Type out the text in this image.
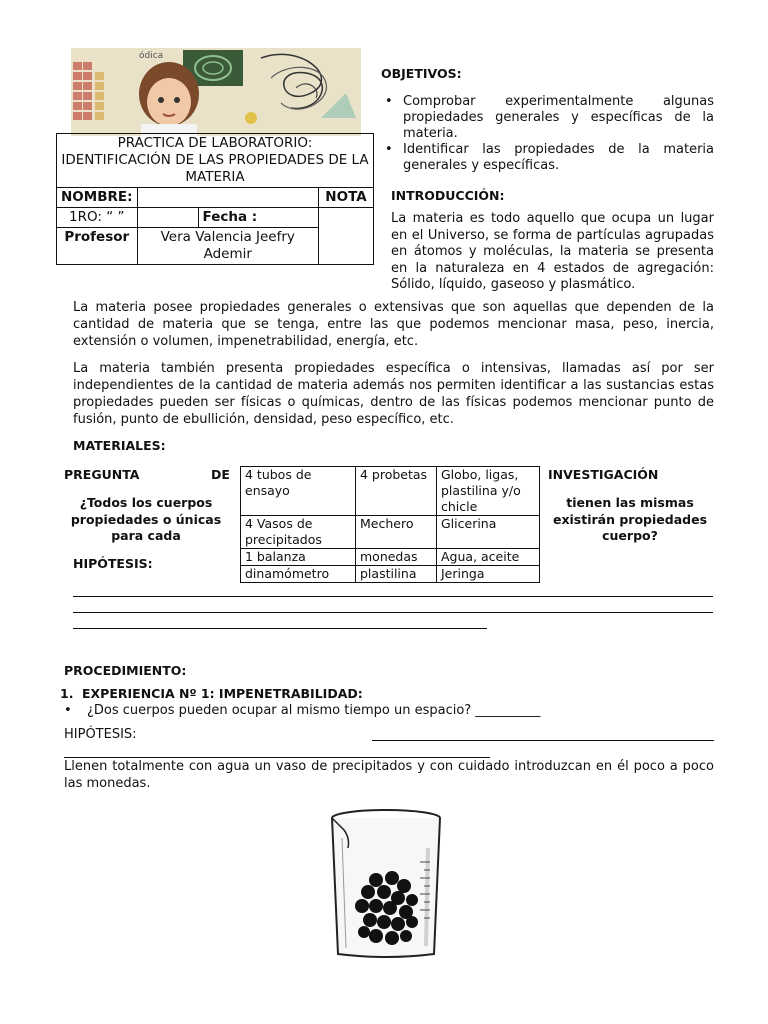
ódica
PRACTICA DE LABORATORIO: IDENTIFICACIÓN DE LAS PROPIEDADES DE LA MATERIA			
NOMBRE:			NOTA
1RO: “ ”		Fecha :	
Profesor	Vera Valencia Jeefry Ademir		
OBJETIVOS:
• Comprobar experimentalmente algunas propiedades generales y específicas de la materia.
• Identificar las propiedades de la materia generales y específicas.
INTRODUCCIÓN:
La materia es todo aquello que ocupa un lugar en el Universo, se forma de partículas agrupadas en átomos y moléculas, la materia se presenta en la naturaleza en 4 estados de agregación: Sólido, líquido, gaseoso y plasmático.
La materia posee propiedades generales o extensivas que son aquellas que dependen de la cantidad de materia que se tenga, entre las que podemos mencionar masa, peso, inercia, extensión o volumen, impenetrabilidad, energía, etc.
La materia también presenta propiedades específica o intensivas, llamadas así por ser independientes de la cantidad de materia además nos permiten identificar a las sustancias estas propiedades pueden ser físicas o químicas, dentro de las físicas podemos mencionar punto de fusión, punto de ebullición, densidad, peso específico, etc.
MATERIALES:
PREGUNTA	DE	INVESTIGACIÓN
¿Todos los cuerpos propiedades o únicas para cada
tienen las mismas existirán propiedades cuerpo?
4 tubos de ensayo	4 probetas	Globo, ligas, plastilina y/o chicle
4 Vasos de precipitados	Mechero	Glicerina
1 balanza	monedas	Agua, aceite
dinamómetro	plastilina	Jeringa
HIPÓTESIS:
PROCEDIMIENTO:
1. EXPERIENCIA Nº 1: IMPENETRABILIDAD:
• ¿Dos cuerpos pueden ocupar al mismo tiempo un espacio? __________
HIPÓTESIS:
Llenen totalmente con agua un vaso de precipitados y con cuidado introduzcan en él poco a poco las monedas.
